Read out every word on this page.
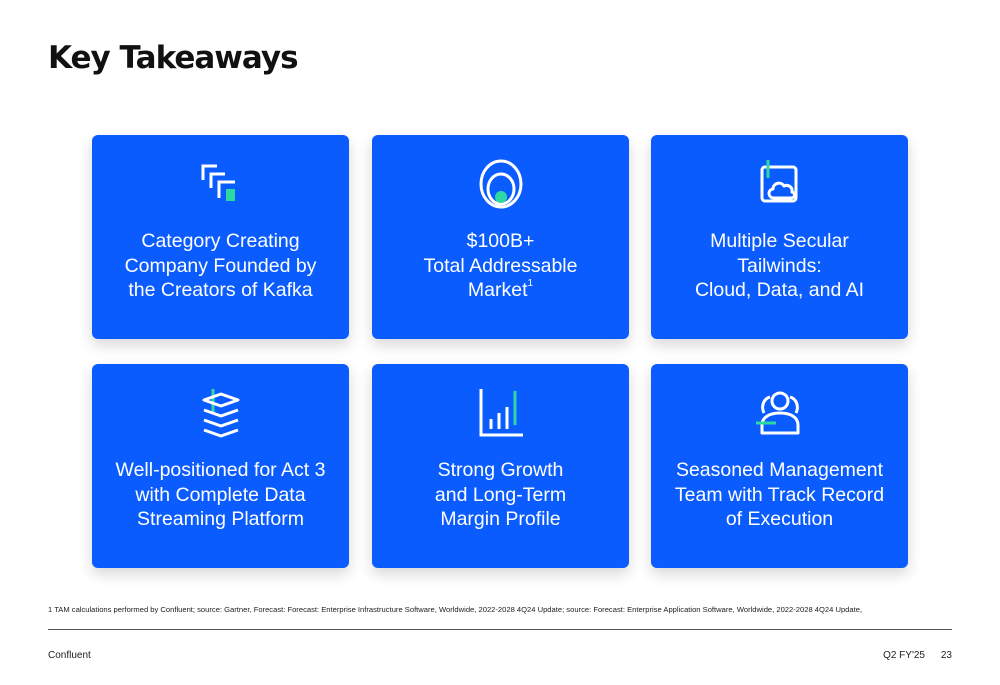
Key Takeaways
Category Creating
Company Founded by
the Creators of Kafka
$100B+
Total Addressable
Market$^1$
Multiple Secular
Tailwinds:
Cloud, Data, and AI
Well-positioned for Act 3
with Complete Data
Streaming Platform
Strong Growth
and Long-Term
Margin Profile
Seasoned Management
Team with Track Record
of Execution
1 TAM calculations performed by Confluent; source: Gartner, Forecast: Forecast: Enterprise Infrastructure Software, Worldwide, 2022-2028 4Q24 Update; source: Forecast: Enterprise Application Software, Worldwide, 2022-2028 4Q24 Update,
Confluent	Q2 FY'25 23
